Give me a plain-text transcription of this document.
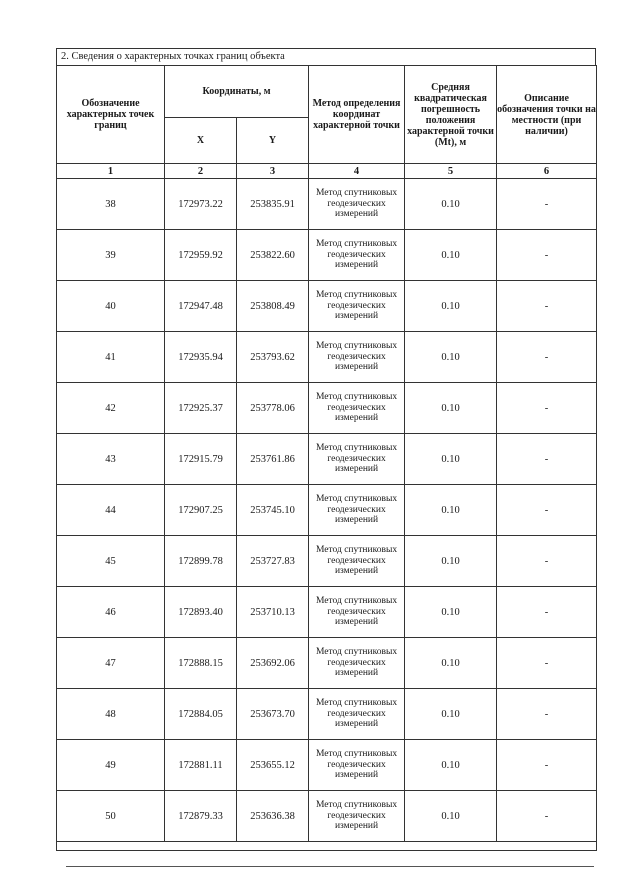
2. Сведения о характерных точках границ объекта
Обозначение характерных точек границ	Координаты, м		Метод определения координат характерной точки	Средняя квадратическая погрешность положения характерной точки (Mt), м	Описание обозначения точки на местности (при наличии)
	X	Y			
1	2	3	4	5	6
38	172973.22	253835.91	Метод спутниковых геодезических измерений	0.10	-
39	172959.92	253822.60	Метод спутниковых геодезических измерений	0.10	-
40	172947.48	253808.49	Метод спутниковых геодезических измерений	0.10	-
41	172935.94	253793.62	Метод спутниковых геодезических измерений	0.10	-
42	172925.37	253778.06	Метод спутниковых геодезических измерений	0.10	-
43	172915.79	253761.86	Метод спутниковых геодезических измерений	0.10	-
44	172907.25	253745.10	Метод спутниковых геодезических измерений	0.10	-
45	172899.78	253727.83	Метод спутниковых геодезических измерений	0.10	-
46	172893.40	253710.13	Метод спутниковых геодезических измерений	0.10	-
47	172888.15	253692.06	Метод спутниковых геодезических измерений	0.10	-
48	172884.05	253673.70	Метод спутниковых геодезических измерений	0.10	-
49	172881.11	253655.12	Метод спутниковых геодезических измерений	0.10	-
50	172879.33	253636.38	Метод спутниковых геодезических измерений	0.10	-
